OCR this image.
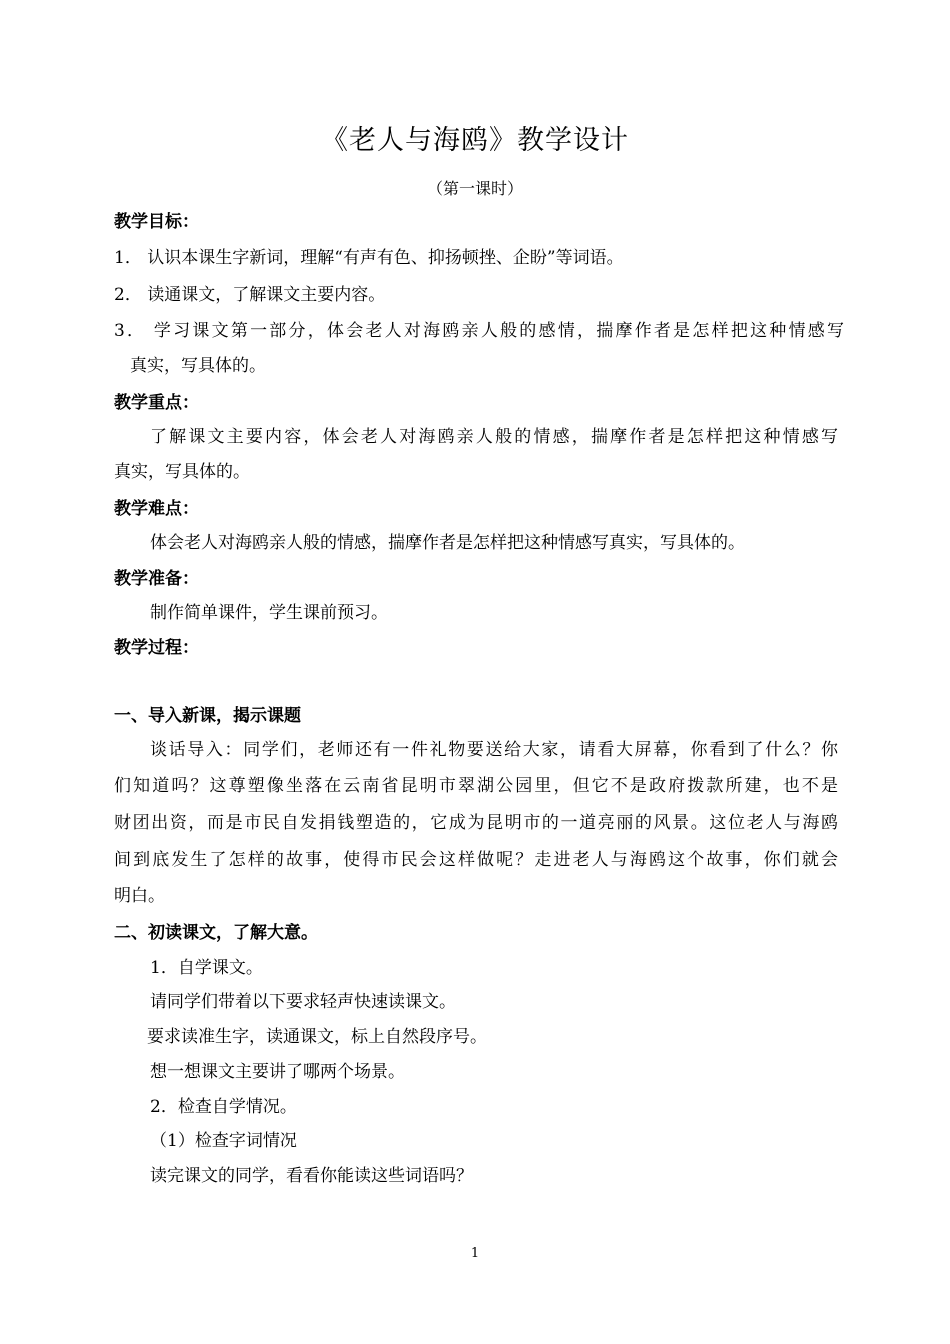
《老人与海鸥》教学设计
（第一课时）
教学目标：
1． 认识本课生字新词，理解“有声有色、抑扬顿挫、企盼”等词语。
2． 读通课文，了解课文主要内容。
3． 学习课文第一部分，体会老人对海鸥亲人般的感情，揣摩作者是怎样把这种情感写
真实，写具体的。
教学重点：
了解课文主要内容，体会老人对海鸥亲人般的情感，揣摩作者是怎样把这种情感写
真实，写具体的。
教学难点：
体会老人对海鸥亲人般的情感，揣摩作者是怎样把这种情感写真实，写具体的。
教学准备：
制作简单课件，学生课前预习。
教学过程：
一、导入新课，揭示课题
谈话导入：同学们，老师还有一件礼物要送给大家，请看大屏幕，你看到了什么？你
们知道吗？这尊塑像坐落在云南省昆明市翠湖公园里，但它不是政府拨款所建，也不是
财团出资，而是市民自发捐钱塑造的，它成为昆明市的一道亮丽的风景。这位老人与海鸥
间到底发生了怎样的故事，使得市民会这样做呢？走进老人与海鸥这个故事，你们就会
明白。
二、初读课文，了解大意。
1．自学课文。
请同学们带着以下要求轻声快速读课文。
要求读准生字，读通课文，标上自然段序号。
想一想课文主要讲了哪两个场景。
2．检查自学情况。
（1）检查字词情况
读完课文的同学，看看你能读这些词语吗？
1
